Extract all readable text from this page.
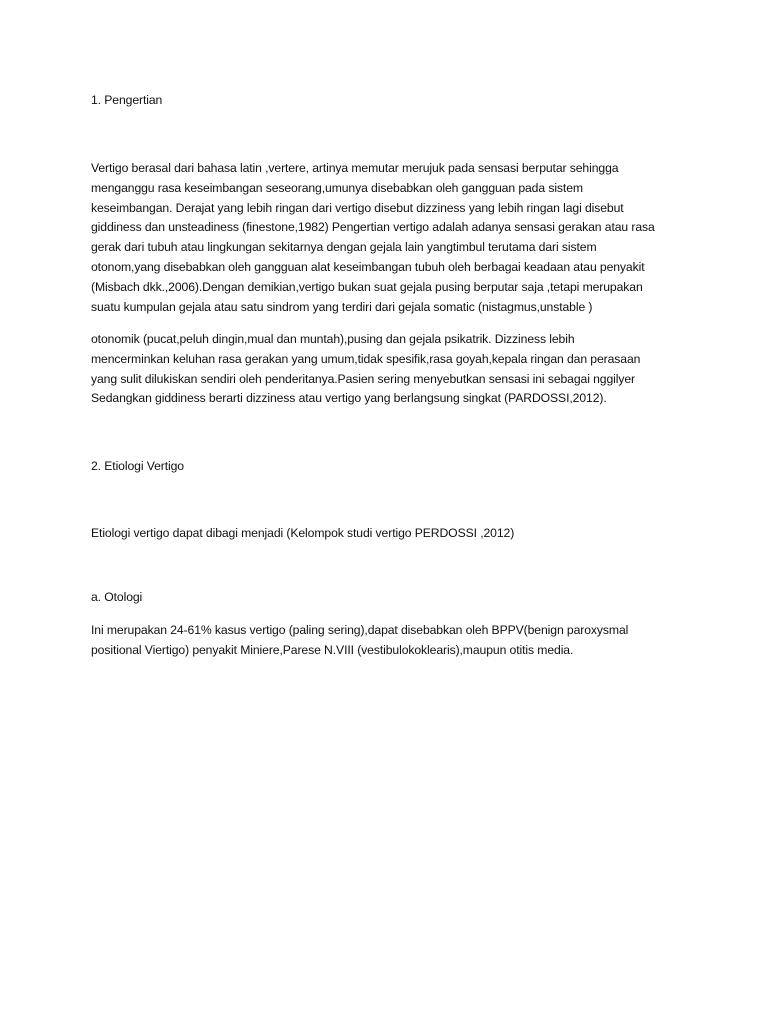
1. Pengertian

Vertigo berasal dari bahasa latin ,vertere, artinya memutar merujuk pada sensasi berputar sehingga
menganggu rasa keseimbangan seseorang,umunya disebabkan oleh gangguan pada sistem
keseimbangan. Derajat yang lebih ringan dari vertigo disebut dizziness yang lebih ringan lagi disebut
giddiness dan unsteadiness (finestone,1982) Pengertian vertigo adalah adanya sensasi gerakan atau rasa
gerak dari tubuh atau lingkungan sekitarnya dengan gejala lain yangtimbul terutama dari sistem
otonom,yang disebabkan oleh gangguan alat keseimbangan tubuh oleh berbagai keadaan atau penyakit
(Misbach dkk.,2006).Dengan demikian,vertigo bukan suat gejala pusing berputar saja ,tetapi merupakan
suatu kumpulan gejala atau satu sindrom yang terdiri dari gejala somatic (nistagmus,unstable )

otonomik (pucat,peluh dingin,mual dan muntah),pusing dan gejala psikatrik. Dizziness lebih
mencerminkan keluhan rasa gerakan yang umum,tidak spesifik,rasa goyah,kepala ringan dan perasaan
yang sulit dilukiskan sendiri oleh penderitanya.Pasien sering menyebutkan sensasi ini sebagai nggilyer
Sedangkan giddiness berarti dizziness atau vertigo yang berlangsung singkat (PARDOSSI,2012).

2. Etiologi Vertigo

Etiologi vertigo dapat dibagi menjadi (Kelompok studi vertigo PERDOSSI ,2012)

a. Otologi

Ini merupakan 24-61% kasus vertigo (paling sering),dapat disebabkan oleh BPPV(benign paroxysmal
positional Viertigo) penyakit Miniere,Parese N.VIII (vestibulokoklearis),maupun otitis media.
